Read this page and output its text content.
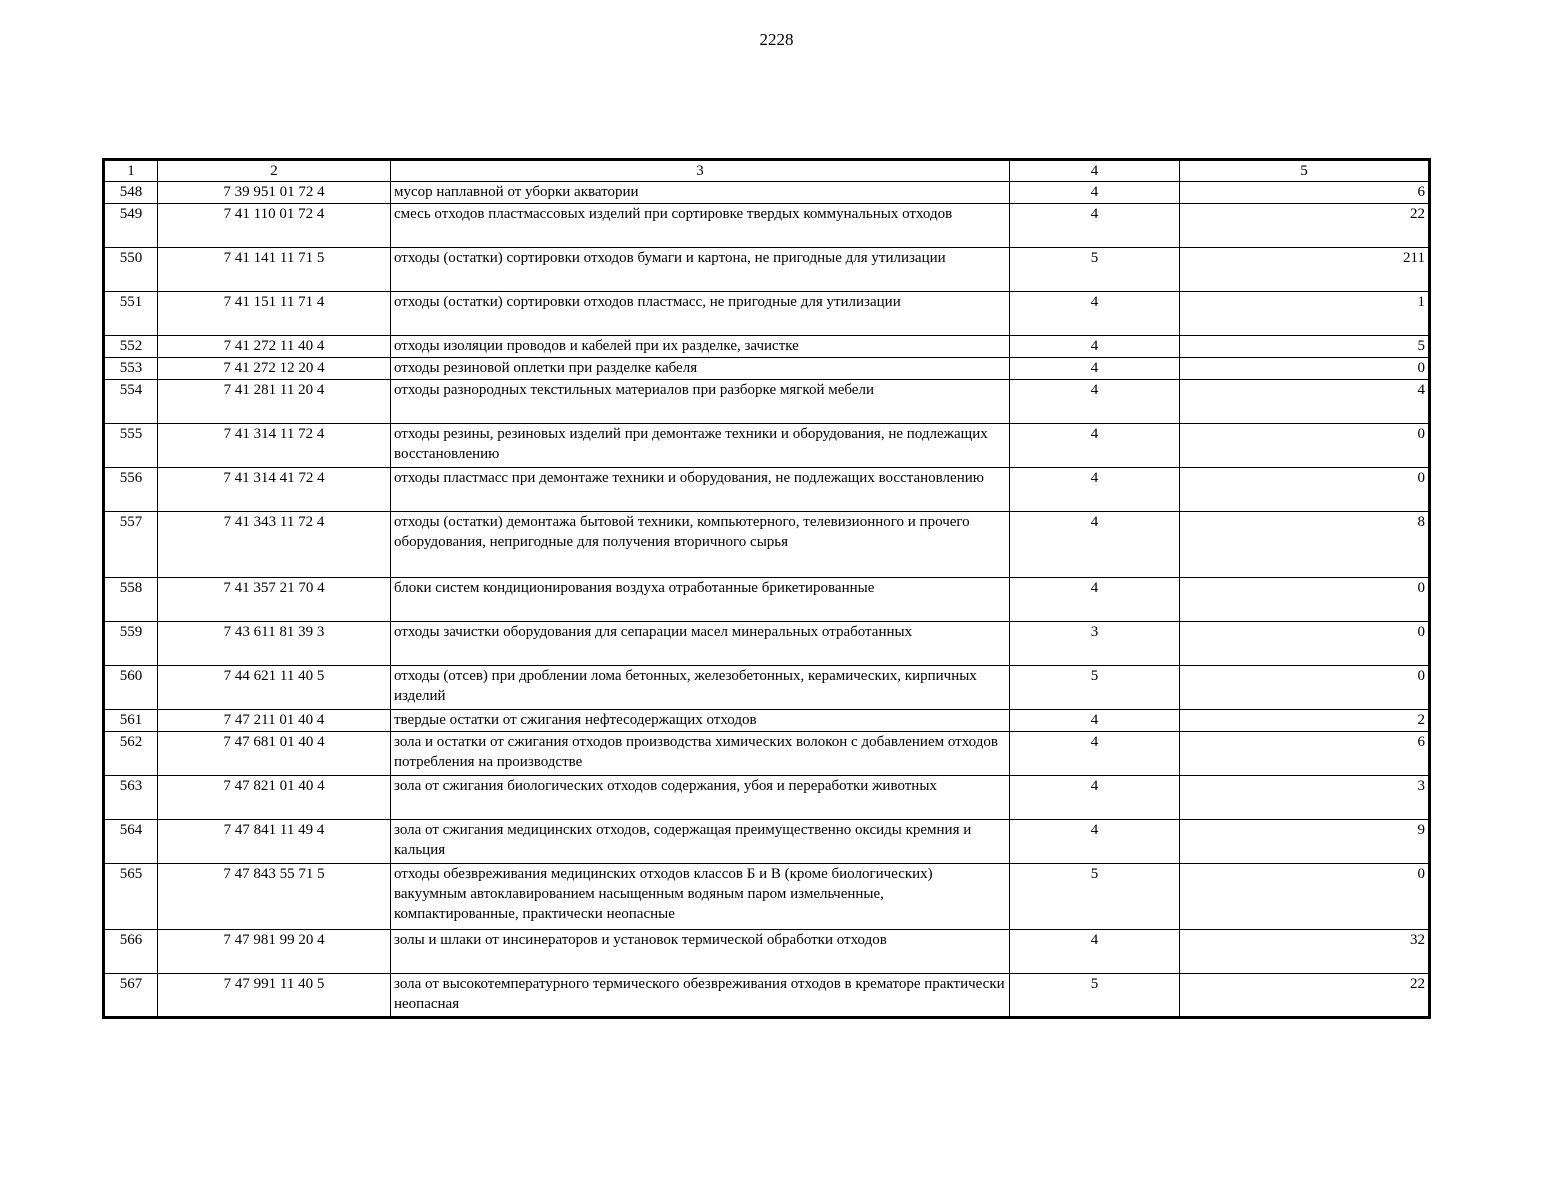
2228
1	2	3	4	5
548	7 39 951 01 72 4	мусор наплавной от уборки акватории	4	6
549	7 41 110 01 72 4	смесь отходов пластмассовых изделий при сортировке твердых коммунальных отходов	4	22
550	7 41 141 11 71 5	отходы (остатки) сортировки отходов бумаги и картона, не пригодные для утилизации	5	211
551	7 41 151 11 71 4	отходы (остатки) сортировки отходов пластмасс, не пригодные для утилизации	4	1
552	7 41 272 11 40 4	отходы изоляции проводов и кабелей при их разделке, зачистке	4	5
553	7 41 272 12 20 4	отходы резиновой оплетки при разделке кабеля	4	0
554	7 41 281 11 20 4	отходы разнородных текстильных материалов при разборке мягкой мебели	4	4
555	7 41 314 11 72 4	отходы резины, резиновых изделий при демонтаже техники и оборудования, не подлежащих восстановлению	4	0
556	7 41 314 41 72 4	отходы пластмасс при демонтаже техники и оборудования, не подлежащих восстановлению	4	0
557	7 41 343 11 72 4	отходы (остатки) демонтажа бытовой техники, компьютерного, телевизионного и прочего оборудования, непригодные для получения вторичного сырья	4	8
558	7 41 357 21 70 4	блоки систем кондиционирования воздуха отработанные брикетированные	4	0
559	7 43 611 81 39 3	отходы зачистки оборудования для сепарации масел минеральных отработанных	3	0
560	7 44 621 11 40 5	отходы (отсев) при дроблении лома бетонных, железобетонных, керамических, кирпичных изделий	5	0
561	7 47 211 01 40 4	твердые остатки от сжигания нефтесодержащих отходов	4	2
562	7 47 681 01 40 4	зола и остатки от сжигания отходов производства химических волокон с добавлением отходов потребления на производстве	4	6
563	7 47 821 01 40 4	зола от сжигания биологических отходов содержания, убоя и переработки животных	4	3
564	7 47 841 11 49 4	зола от сжигания медицинских отходов, содержащая преимущественно оксиды кремния и кальция	4	9
565	7 47 843 55 71 5	отходы обезвреживания медицинских отходов классов Б и В (кроме биологических) вакуумным автоклавированием насыщенным водяным паром измельченные, компактированные, практически неопасные	5	0
566	7 47 981 99 20 4	золы и шлаки от инсинераторов и установок термической обработки отходов	4	32
567	7 47 991 11 40 5	зола от высокотемпературного термического обезвреживания отходов в крематоре практически неопасная	5	22
